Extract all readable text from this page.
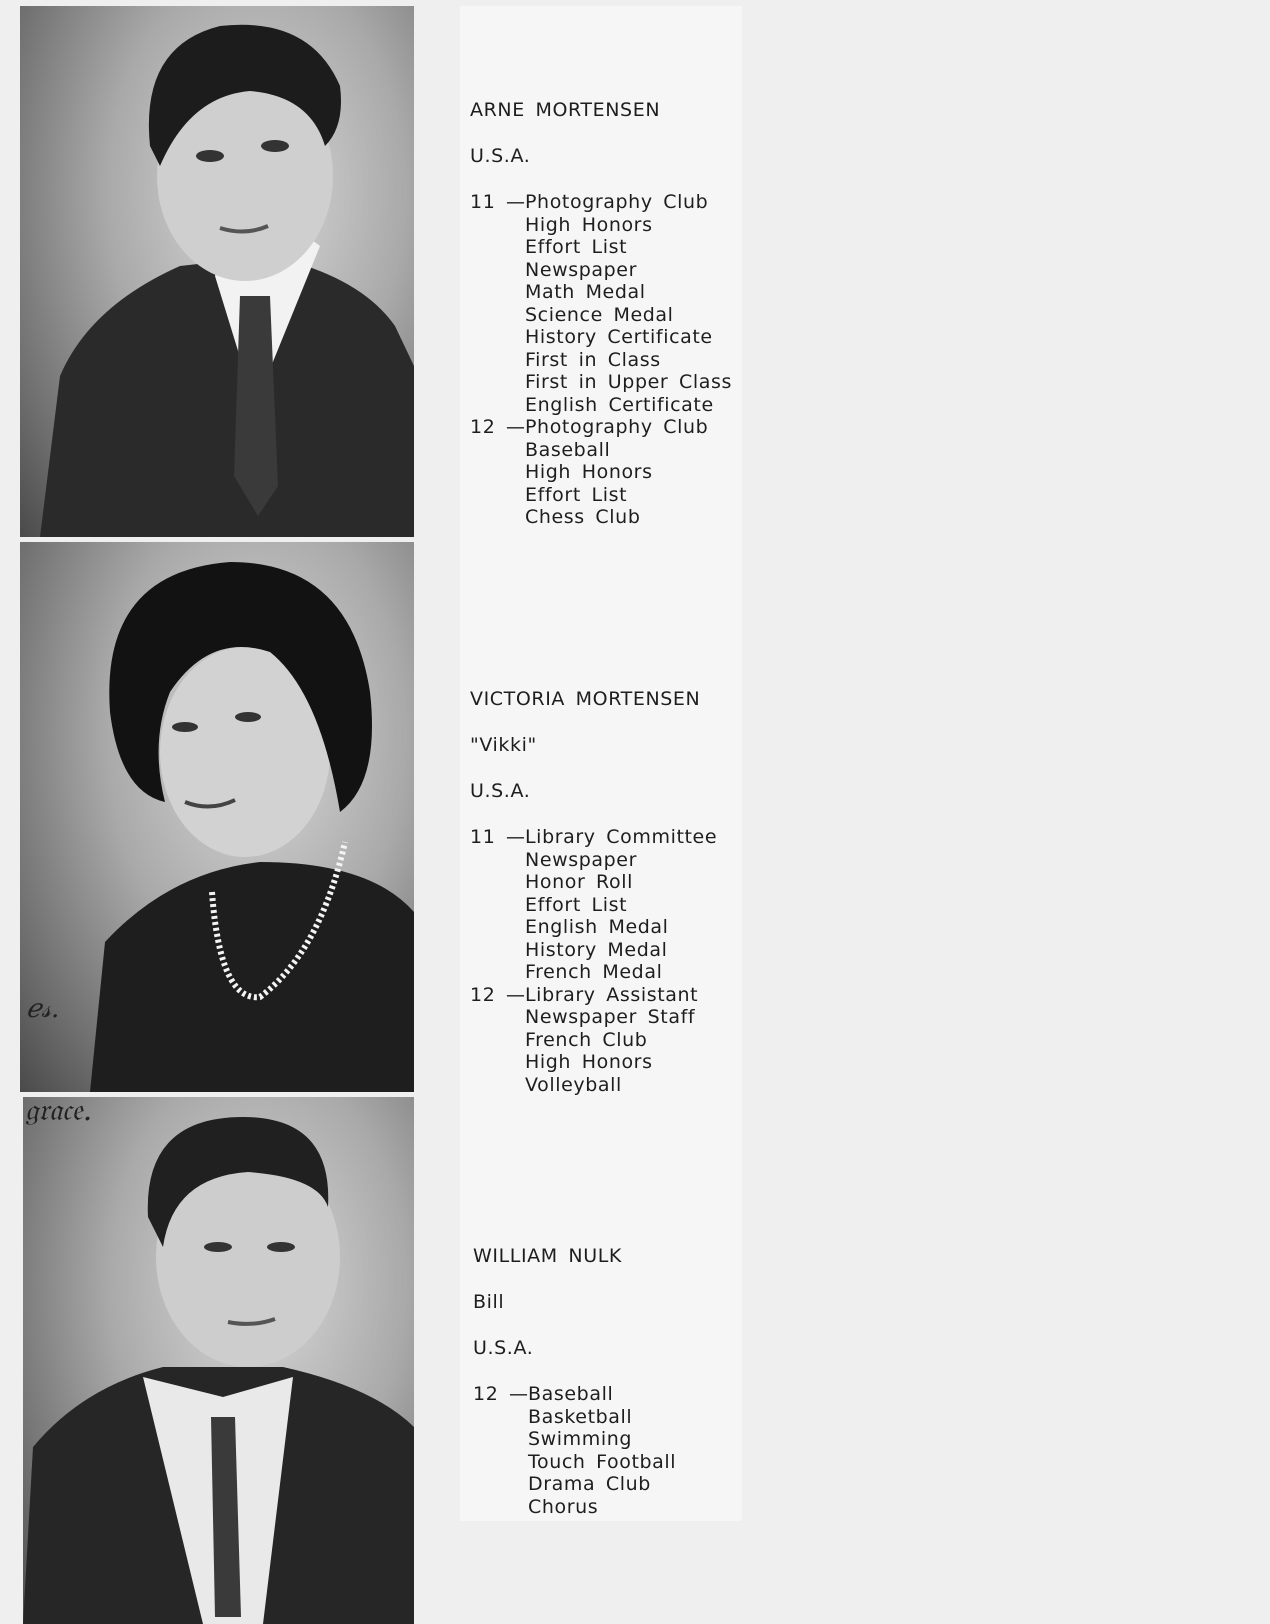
ℯ𝓈.
𝔤𝔯𝔞𝔠𝔢.
ARNE MORTENSEN
U.S.A.
11 — Photography Club
High Honors
Effort List
Newspaper
Math Medal
Science Medal
History Certificate
First in Class
First in Upper Class
English Certificate
12 — Photography Club
Baseball
High Honors
Effort List
Chess Club
VICTORIA MORTENSEN
"Vikki"
U.S.A.
11 — Library Committee
Newspaper
Honor Roll
Effort List
English Medal
History Medal
French Medal
12 — Library Assistant
Newspaper Staff
French Club
High Honors
Volleyball
WILLIAM NULK
Bill
U.S.A.
12 — Baseball
Basketball
Swimming
Touch Football
Drama Club
Chorus
